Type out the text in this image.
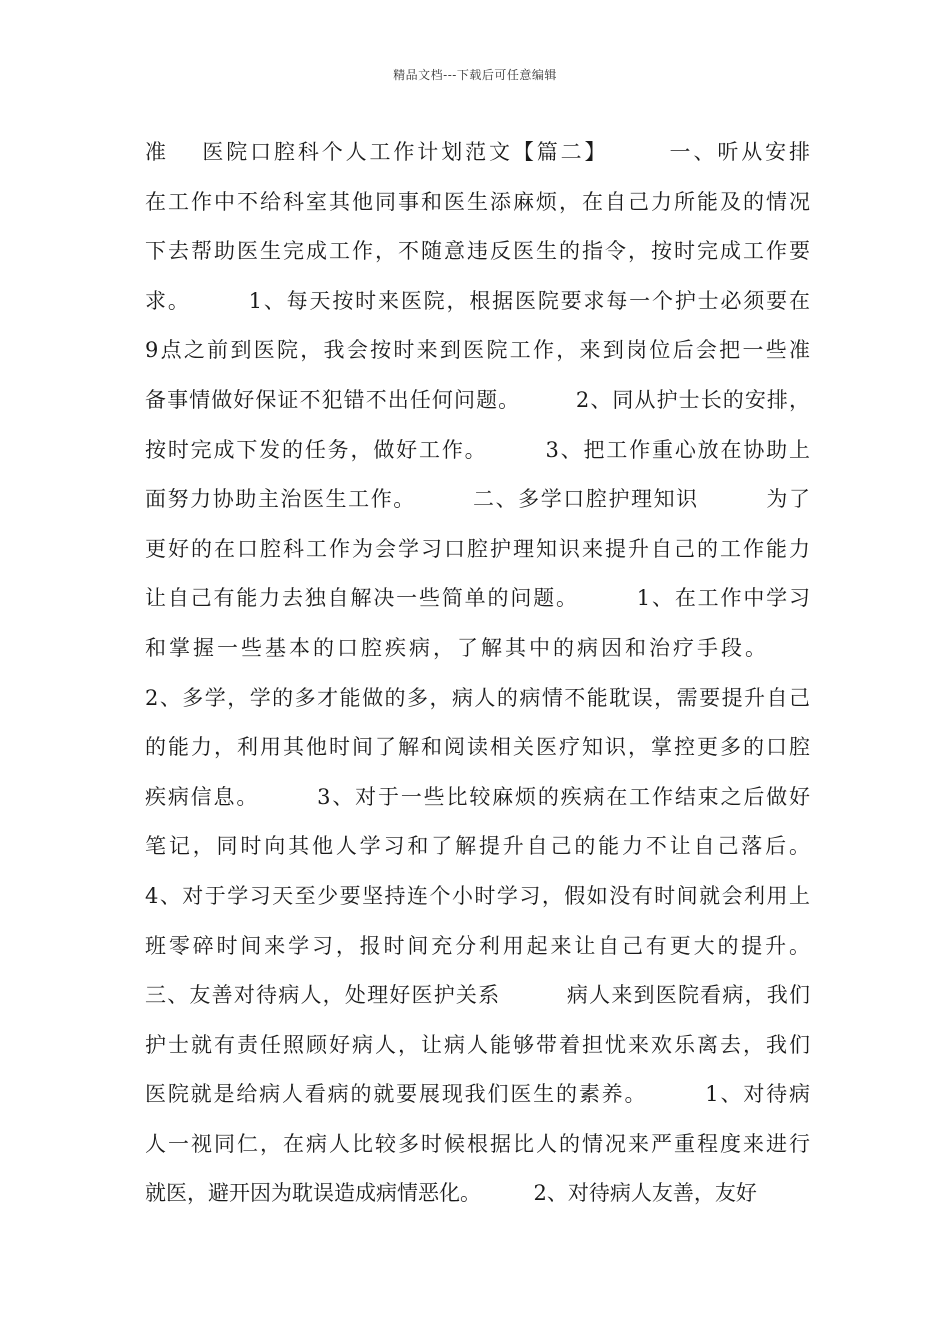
精品文档---下载后可任意编辑
准　 医院口腔科个人工作计划范文【篇二】　　　一、听从安排
在工作中不给科室其他同事和医生添麻烦，在自己力所能及的情况
下去帮助医生完成工作，不随意违反医生的指令，按时完成工作要
求。　　　1、每天按时来医院，根据医院要求每一个护士必须要在
9点之前到医院，我会按时来到医院工作，来到岗位后会把一些准
备事情做好保证不犯错不出任何问题。　　　2、同从护士长的安排，
按时完成下发的任务，做好工作。　　　3、把工作重心放在协助上
面努力协助主治医生工作。　　　二、多学口腔护理知识　　　为了
更好的在口腔科工作为会学习口腔护理知识来提升自己的工作能力
让自己有能力去独自解决一些简单的问题。　　　1、在工作中学习
和掌握一些基本的口腔疾病，了解其中的病因和治疗手段。
2、多学，学的多才能做的多，病人的病情不能耽误，需要提升自己
的能力，利用其他时间了解和阅读相关医疗知识，掌控更多的口腔
疾病信息。　　　3、对于一些比较麻烦的疾病在工作结束之后做好
笔记，同时向其他人学习和了解提升自己的能力不让自己落后。
4、对于学习天至少要坚持连个小时学习，假如没有时间就会利用上
班零碎时间来学习，报时间充分利用起来让自己有更大的提升。
三、友善对待病人，处理好医护关系　　　病人来到医院看病，我们
护士就有责任照顾好病人，让病人能够带着担忧来欢乐离去，我们
医院就是给病人看病的就要展现我们医生的素养。　　　1、对待病
人一视同仁，在病人比较多时候根据比人的情况来严重程度来进行
就医，避开因为耽误造成病情恶化。　　　2、对待病人友善，友好
